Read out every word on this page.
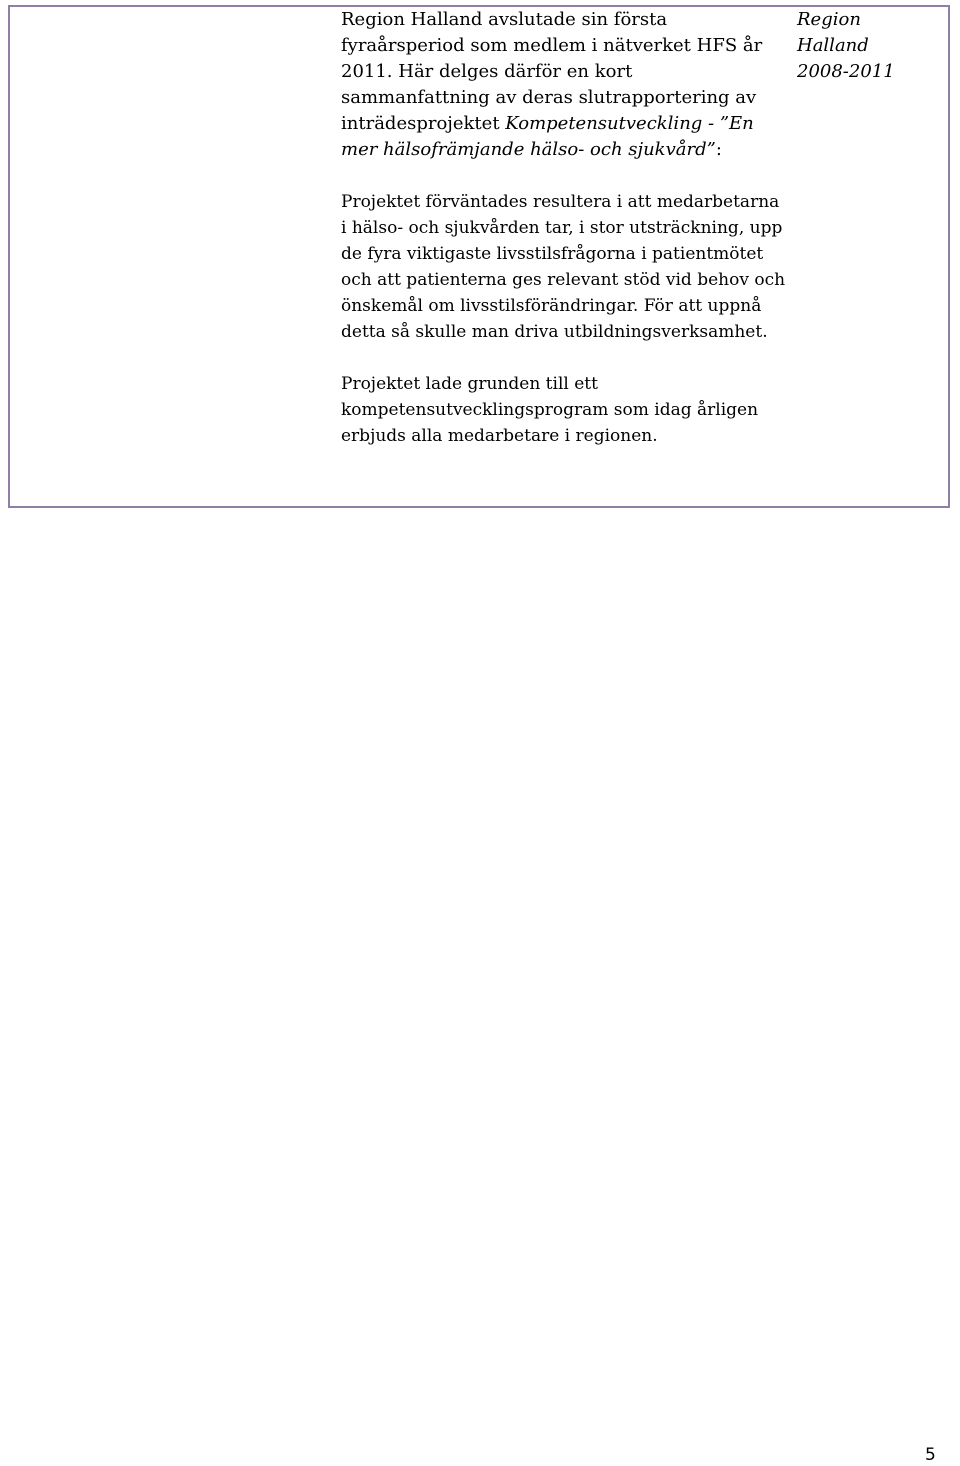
Region Halland avslutade sin första fyraårsperiod som medlem i nätverket HFS år 2011. Här delges därför en kort sammanfattning av deras slutrapportering av inträdesprojektet Kompetensutveckling - ”En mer hälsofrämjande hälso- och sjukvård”:

Projektet förväntades resultera i att medarbetarna i hälso- och sjukvården tar, i stor utsträckning, upp de fyra viktigaste livsstilsfrågorna i patientmötet och att patienterna ges relevant stöd vid behov och önskemål om livsstilsförändringar. För att uppnå detta så skulle man driva utbildningsverksamhet.

Projektet lade grunden till ett kompetensutvecklingsprogram som idag årligen erbjuds alla medarbetare i regionen.

Region
Halland
2008-2011
5
